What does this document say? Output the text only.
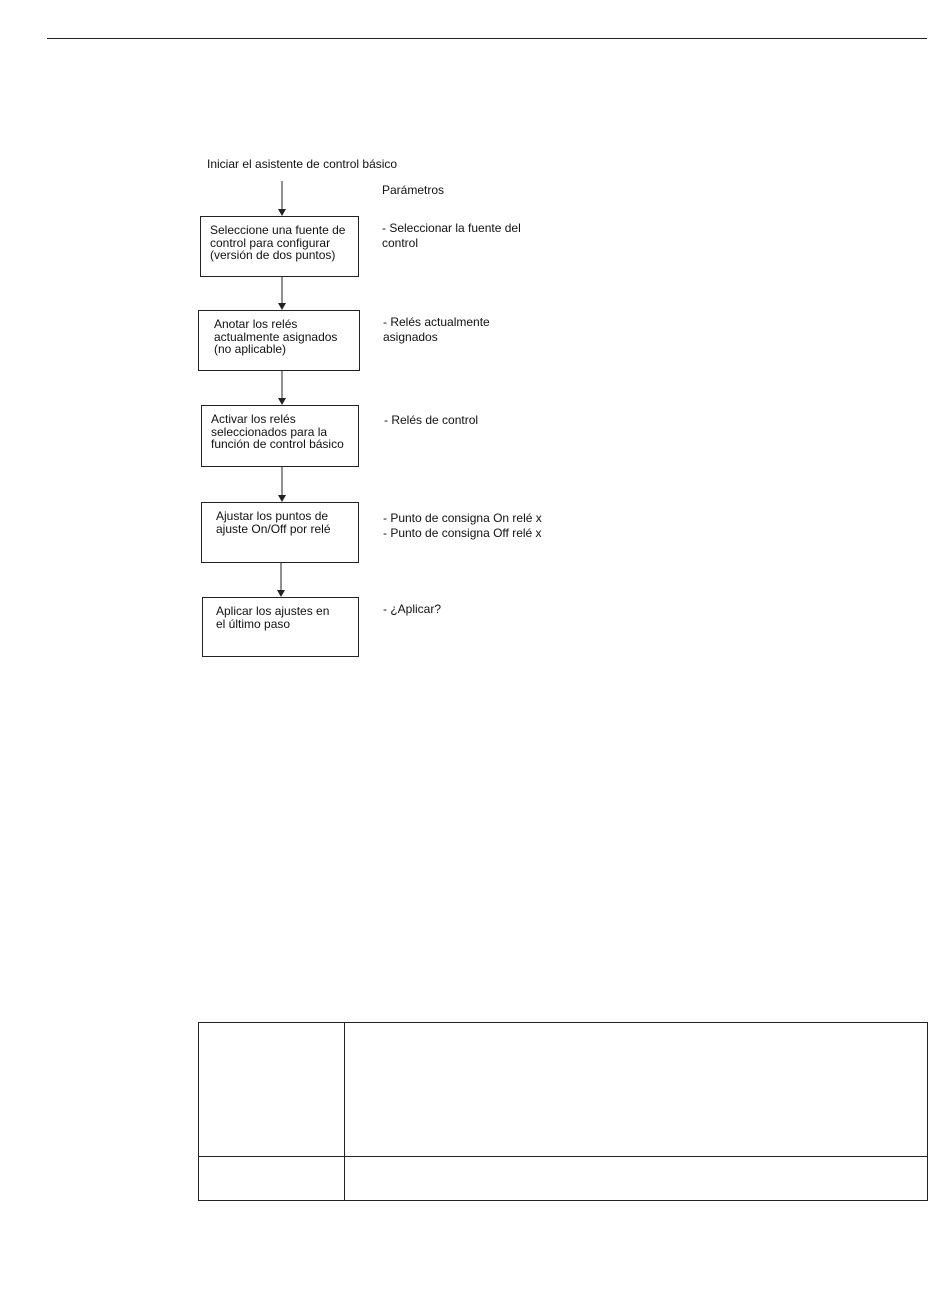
Iniciar el asistente de control básico
Parámetros
Seleccione una fuente de
control para configurar
(versión de dos puntos)
- Seleccionar la fuente del
control
Anotar los relés
actualmente asignados
(no aplicable)
- Relés actualmente
asignados
Activar los relés
seleccionados para la
función de control básico
- Relés de control
Ajustar los puntos de
ajuste On/Off por relé
- Punto de consigna On relé x
- Punto de consigna Off relé x
Aplicar los ajustes en
el último paso
- ¿Aplicar?
